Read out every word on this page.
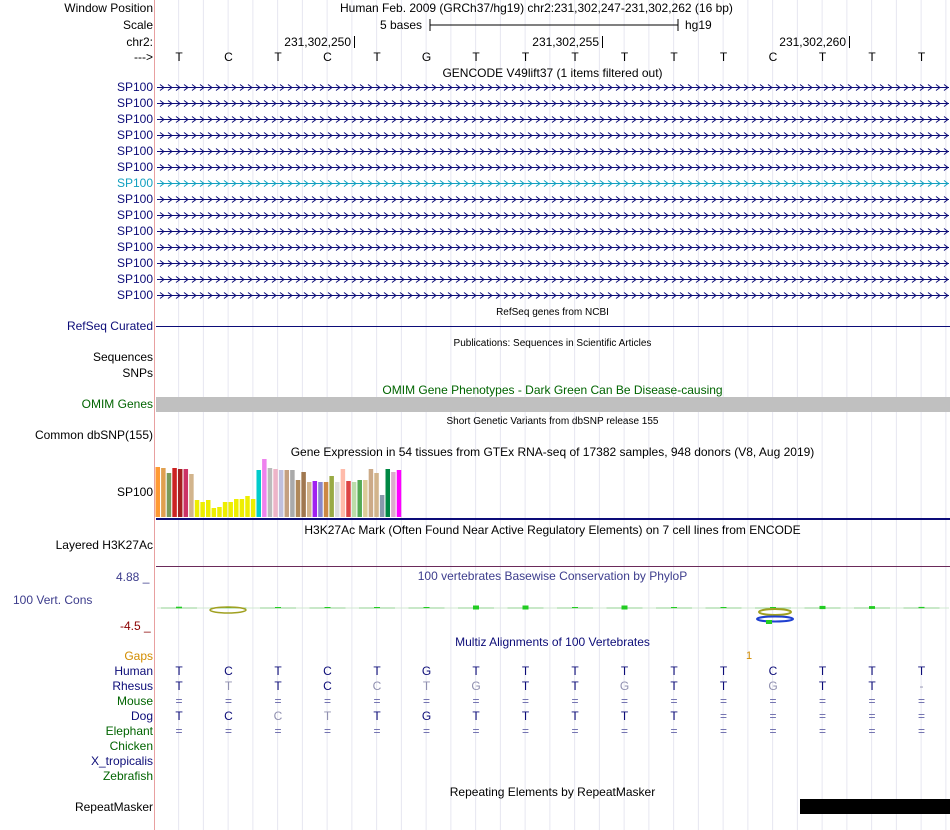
Window Position	Human Feb. 2009 (GRCh37/hg19) chr2:231,302,247-231,302,262 (16 bp)
Scale	5 bases	hg19
chr2:	231,302,250	231,302,255	231,302,260
---> T	C	T	C	T	G	T	T	T	T	T	T	C	T	T	T
GENCODE V49lift37 (1 items filtered out)
SP100
SP100
SP100
SP100
SP100
SP100
SP100
SP100
SP100
SP100
SP100
SP100
SP100
SP100
RefSeq genes from NCBI
RefSeq Curated
Publications: Sequences in Scientific Articles
Sequences
SNPs
OMIM Gene Phenotypes - Dark Green Can Be Disease-causing
OMIM Genes
Short Genetic Variants from dbSNP release 155
Common dbSNP(155)
Gene Expression in 54 tissues from GTEx RNA-seq of 17382 samples, 948 donors (V8, Aug 2019)
SP100
H3K27Ac Mark (Often Found Near Active Regulatory Elements) on 7 cell lines from ENCODE
Layered H3K27Ac
100 vertebrates Basewise Conservation by PhyloP
4.88 _
100 Vert. Cons
-4.5 _
Multiz Alignments of 100 Vertebrates
Gaps	1
Human T	C	T	C	T	G	T	T	T	T	T	T	C	T	T	T
Rhesus T	T	T	C	C	T	G	T	T	G	T	T	G	T	T	-
Mouse =	=	=	=	=	=	=	=	=	=	=	=	=	=	=	=
Dog T	C	C	T	T	G	T	T	T	T	T	=	=	=	=	=
Elephant =	=	=	=	=	=	=	=	=	=	=	=	=	=	=	=
Chicken
X_tropicalis
Zebrafish
Repeating Elements by RepeatMasker
RepeatMasker
